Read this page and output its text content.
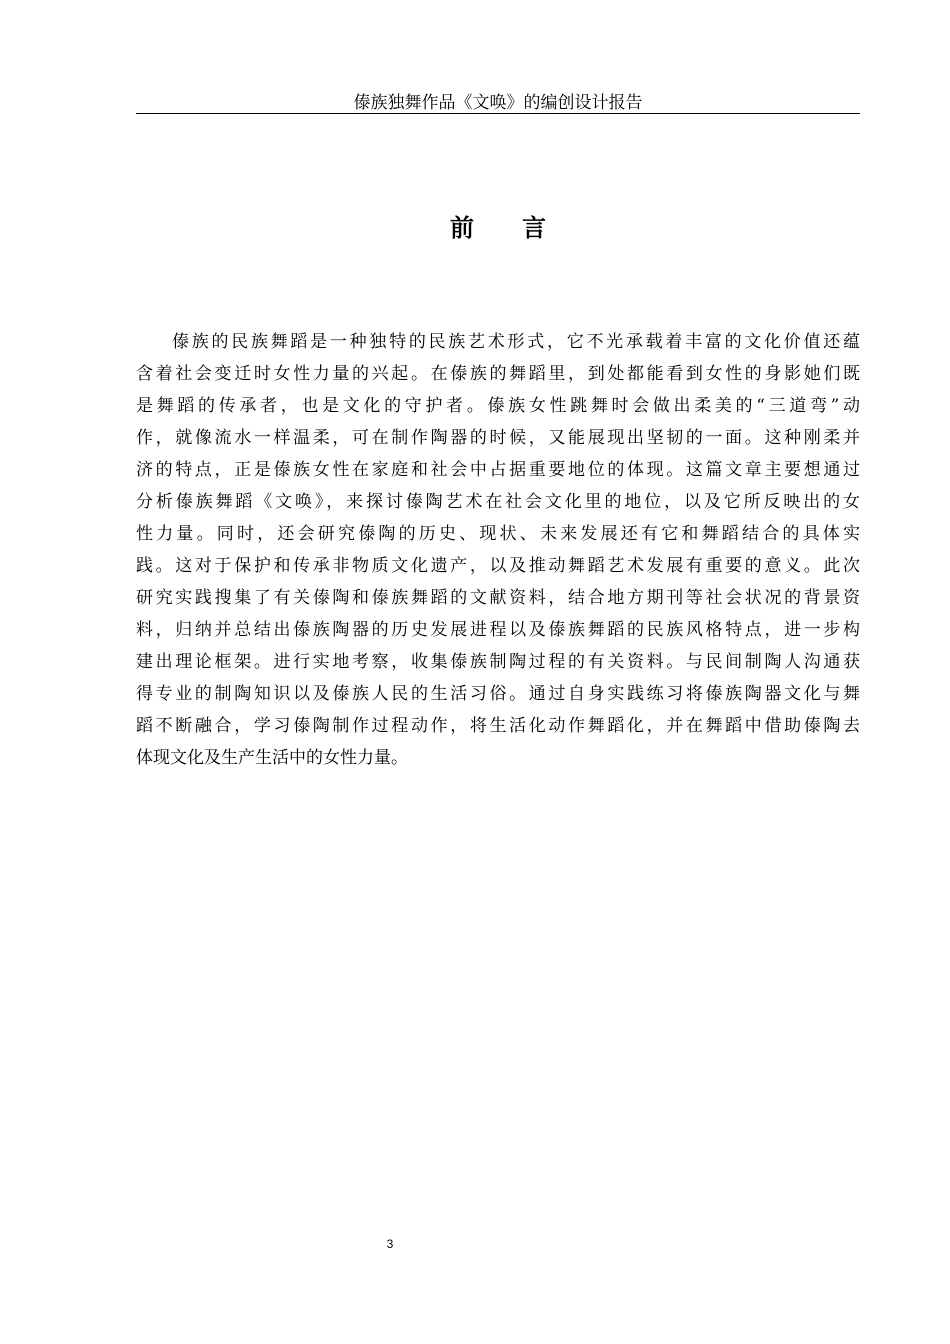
傣族独舞作品《文唤》的编创设计报告
前 言
傣族的民族舞蹈是一种独特的民族艺术形式，它不光承载着丰富的文化价值还蕴
含着社会变迁时女性力量的兴起。在傣族的舞蹈里，到处都能看到女性的身影她们既
是舞蹈的传承者，也是文化的守护者。傣族女性跳舞时会做出柔美的“三道弯”动
作，就像流水一样温柔，可在制作陶器的时候，又能展现出坚韧的一面。这种刚柔并
济的特点，正是傣族女性在家庭和社会中占据重要地位的体现。这篇文章主要想通过
分析傣族舞蹈《文唤》，来探讨傣陶艺术在社会文化里的地位，以及它所反映出的女
性力量。同时，还会研究傣陶的历史、现状、未来发展还有它和舞蹈结合的具体实
践。这对于保护和传承非物质文化遗产，以及推动舞蹈艺术发展有重要的意义。此次
研究实践搜集了有关傣陶和傣族舞蹈的文献资料，结合地方期刊等社会状况的背景资
料，归纳并总结出傣族陶器的历史发展进程以及傣族舞蹈的民族风格特点，进一步构
建出理论框架。进行实地考察，收集傣族制陶过程的有关资料。与民间制陶人沟通获
得专业的制陶知识以及傣族人民的生活习俗。通过自身实践练习将傣族陶器文化与舞
蹈不断融合，学习傣陶制作过程动作，将生活化动作舞蹈化，并在舞蹈中借助傣陶去
体现文化及生产生活中的女性力量。
3
